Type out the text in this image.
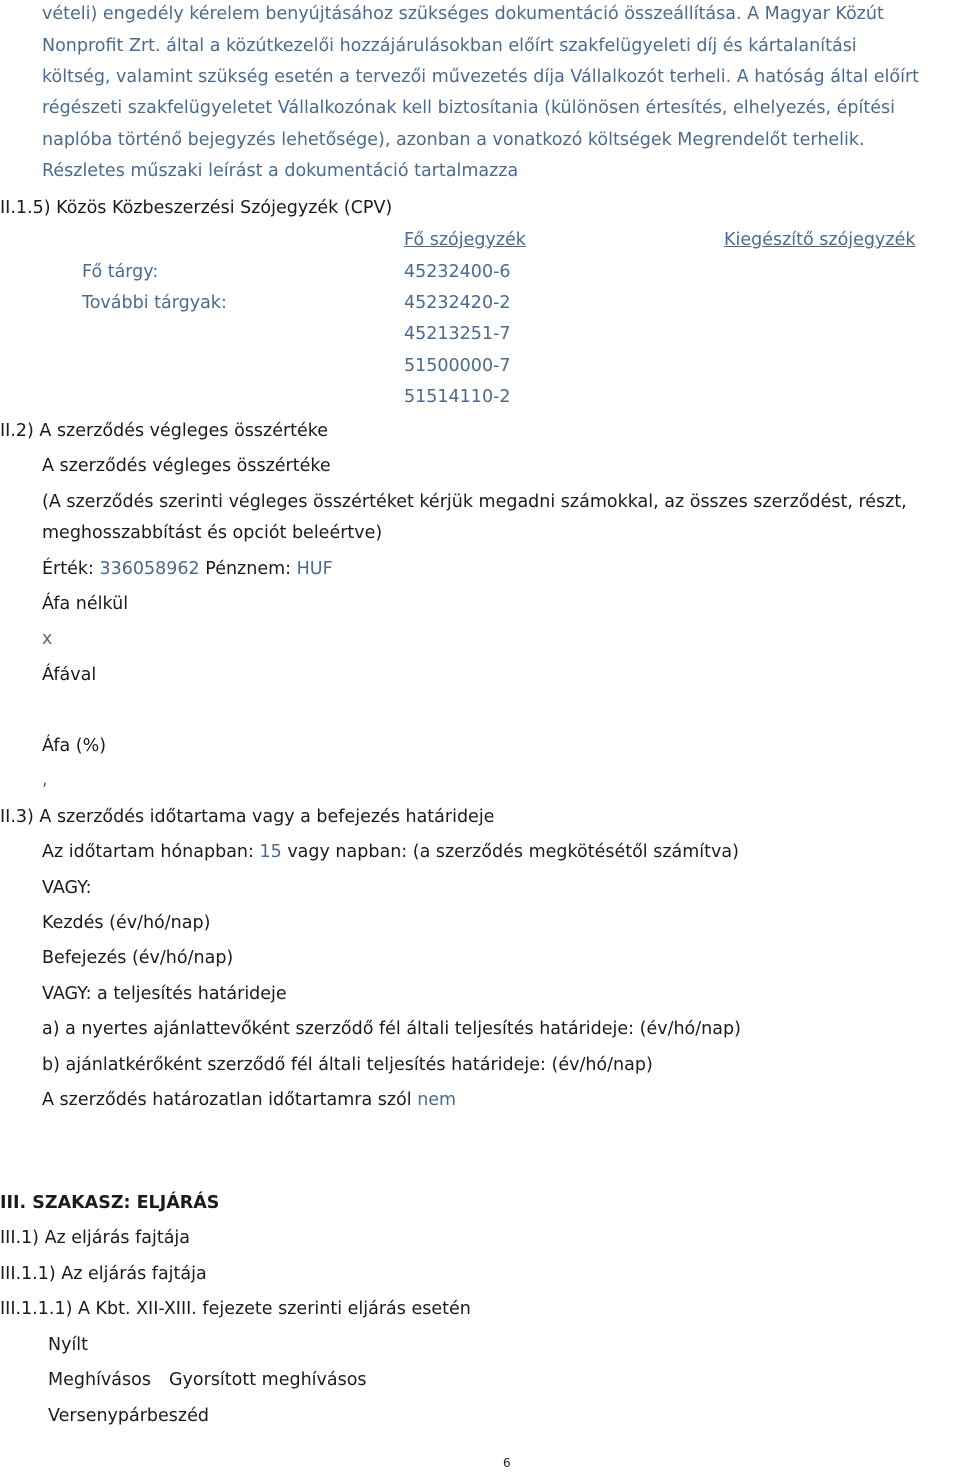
vételi) engedély kérelem benyújtásához szükséges dokumentáció összeállítása. A Magyar Közút
Nonprofit Zrt. által a közútkezelői hozzájárulásokban előírt szakfelügyeleti díj és kártalanítási
költség, valamint szükség esetén a tervezői művezetés díja Vállalkozót terheli. A hatóság által előírt
régészeti szakfelügyeletet Vállalkozónak kell biztosítania (különösen értesítés, elhelyezés, építési
naplóba történő bejegyzés lehetősége), azonban a vonatkozó költségek Megrendelőt terhelik.
Részletes műszaki leírást a dokumentáció tartalmazza
II.1.5) Közös Közbeszerzési Szójegyzék (CPV)
Fő szójegyzék	Kiegészítő szójegyzék
Fő tárgy:	45232400-6
További tárgyak:	45232420-2
45213251-7
51500000-7
51514110-2
II.2) A szerződés végleges összértéke
A szerződés végleges összértéke
(A szerződés szerinti végleges összértéket kérjük megadni számokkal, az összes szerződést, részt,
meghosszabbítást és opciót beleértve)
Érték: 336058962 Pénznem: HUF
Áfa nélkül
x
Áfával
Áfa (%)
,
II.3) A szerződés időtartama vagy a befejezés határideje
Az időtartam hónapban: 15 vagy napban: (a szerződés megkötésétől számítva)
VAGY:
Kezdés (év/hó/nap)
Befejezés (év/hó/nap)
VAGY: a teljesítés határideje
a) a nyertes ajánlattevőként szerződő fél általi teljesítés határideje: (év/hó/nap)
b) ajánlatkérőként szerződő fél általi teljesítés határideje: (év/hó/nap)
A szerződés határozatlan időtartamra szól nem
III. SZAKASZ: ELJÁRÁS
III.1) Az eljárás fajtája
III.1.1) Az eljárás fajtája
III.1.1.1) A Kbt. XII-XIII. fejezete szerinti eljárás esetén
Nyílt
Meghívásos Gyorsított meghívásos
Versenypárbeszéd
6
